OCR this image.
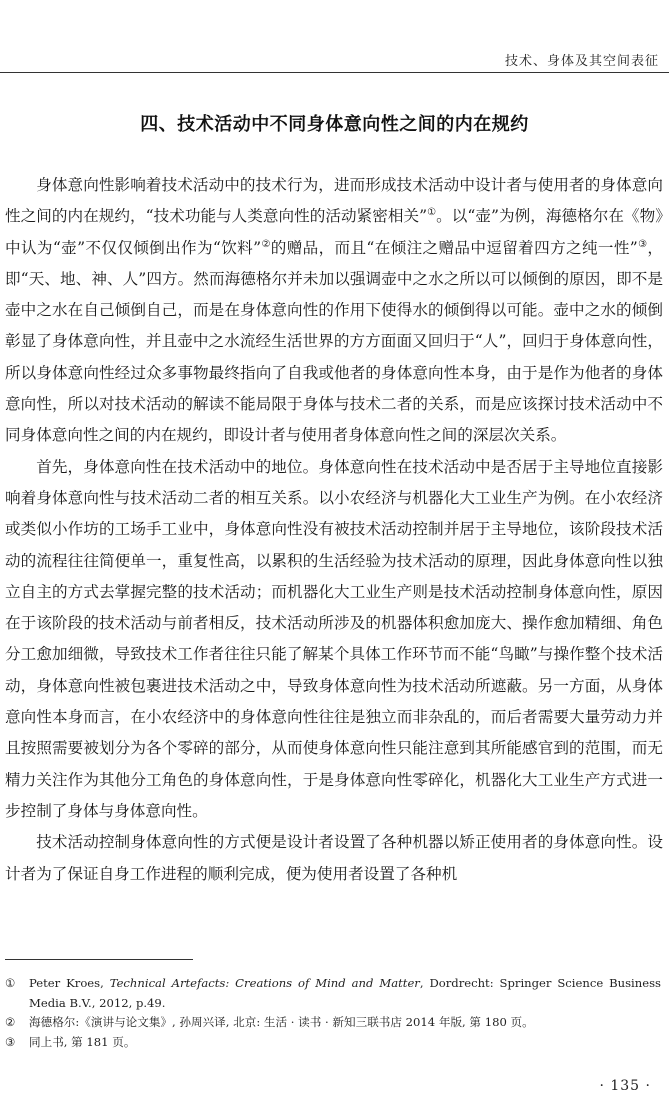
技术、身体及其空间表征
四、技术活动中不同身体意向性之间的内在规约

身体意向性影响着技术活动中的技术行为，进而形成技术活动中设计者与使用者的身体意向性之间的内在规约，“技术功能与人类意向性的活动紧密相关”①。以“壶”为例，海德格尔在《物》中认为“壶”不仅仅倾倒出作为“饮料”②的赠品，而且“在倾注之赠品中逗留着四方之纯一性”③，即“天、地、神、人”四方。然而海德格尔并未加以强调壶中之水之所以可以倾倒的原因，即不是壶中之水在自己倾倒自己，而是在身体意向性的作用下使得水的倾倒得以可能。壶中之水的倾倒彰显了身体意向性，并且壶中之水流经生活世界的方方面面又回归于“人”，回归于身体意向性，所以身体意向性经过众多事物最终指向了自我或他者的身体意向性本身，由于是作为他者的身体意向性，所以对技术活动的解读不能局限于身体与技术二者的关系，而是应该探讨技术活动中不同身体意向性之间的内在规约，即设计者与使用者身体意向性之间的深层次关系。

首先，身体意向性在技术活动中的地位。身体意向性在技术活动中是否居于主导地位直接影响着身体意向性与技术活动二者的相互关系。以小农经济与机器化大工业生产为例。在小农经济或类似小作坊的工场手工业中，身体意向性没有被技术活动控制并居于主导地位，该阶段技术活动的流程往往简便单一，重复性高，以累积的生活经验为技术活动的原理，因此身体意向性以独立自主的方式去掌握完整的技术活动；而机器化大工业生产则是技术活动控制身体意向性，原因在于该阶段的技术活动与前者相反，技术活动所涉及的机器体积愈加庞大、操作愈加精细、角色分工愈加细微，导致技术工作者往往只能了解某个具体工作环节而不能“鸟瞰”与操作整个技术活动，身体意向性被包裹进技术活动之中，导致身体意向性为技术活动所遮蔽。另一方面，从身体意向性本身而言，在小农经济中的身体意向性往往是独立而非杂乱的，而后者需要大量劳动力并且按照需要被划分为各个零碎的部分，从而使身体意向性只能注意到其所能感官到的范围，而无精力关注作为其他分工角色的身体意向性，于是身体意向性零碎化，机器化大工业生产方式进一步控制了身体与身体意向性。

技术活动控制身体意向性的方式便是设计者设置了各种机器以矫正使用者的身体意向性。设计者为了保证自身工作进程的顺利完成，便为使用者设置了各种机

①	Peter Kroes, Technical Artefacts: Creations of Mind and Matter, Dordrecht: Springer Science Business Media B.V., 2012, p.49.
②	海德格尔:《演讲与论文集》, 孙周兴译, 北京: 生活 · 读书 · 新知三联书店 2014 年版, 第 180 页。
③	同上书, 第 181 页。
· 135 ·
